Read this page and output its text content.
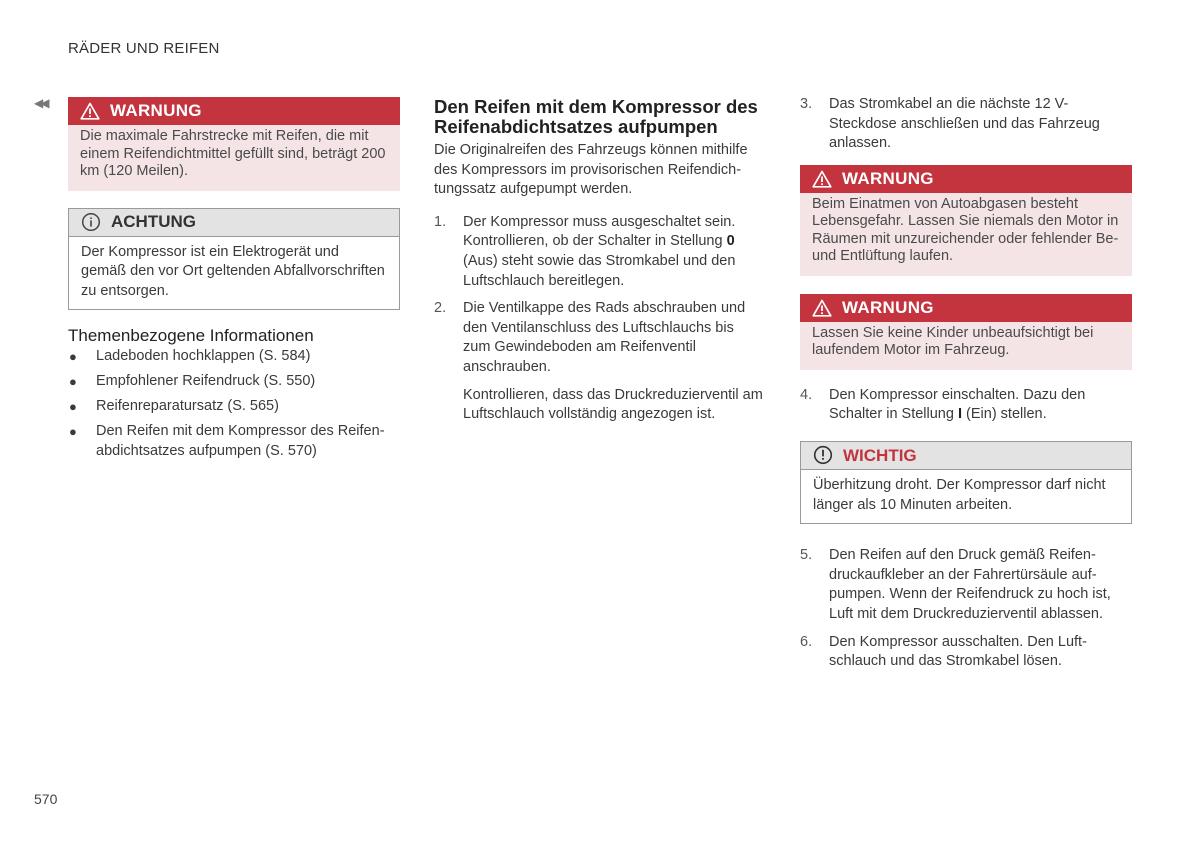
RÄDER UND REIFEN
◀◀
570
WARNUNG
Die maximale Fahrstrecke mit Reifen, die mit einem Reifendichtmittel gefüllt sind, beträgt 200 km (120 Meilen).
ACHTUNG
Der Kompressor ist ein Elektrogerät und gemäß den vor Ort geltenden Abfallvorschriften zu entsorgen.
Themenbezogene Informationen
● Ladeboden hochklappen (S. 584)
● Empfohlener Reifendruck (S. 550)
● Reifenreparatursatz (S. 565)
● Den Reifen mit dem Kompressor des Reifenabdichtsatzes aufpumpen (S. 570)
Den Reifen mit dem Kompressor des Reifenabdichtsatzes aufpumpen
Die Originalreifen des Fahrzeugs können mithilfe des Kompressors im provisorischen Reifendichtungssatz aufgepumpt werden.
1. Der Kompressor muss ausgeschaltet sein. Kontrollieren, ob der Schalter in Stellung 0 (Aus) steht sowie das Stromkabel und den Luftschlauch bereitlegen.

2. Die Ventilkappe des Rads abschrauben und den Ventilanschluss des Luftschlauchs bis zum Gewindeboden am Reifenventil anschrauben.

Kontrollieren, dass das Druckreduzierventil am Luftschlauch vollständig angezogen ist.

3. Das Stromkabel an die nächste 12 V-Steckdose anschließen und das Fahrzeug anlassen.

WARNUNG
Beim Einatmen von Autoabgasen besteht Lebensgefahr. Lassen Sie niemals den Motor in Räumen mit unzureichender oder fehlender Be- und Entlüftung laufen.
WARNUNG
Lassen Sie keine Kinder unbeaufsichtigt bei laufendem Motor im Fahrzeug.
4. Den Kompressor einschalten. Dazu den Schalter in Stellung I (Ein) stellen.

WICHTIG
Überhitzung droht. Der Kompressor darf nicht länger als 10 Minuten arbeiten.
5. Den Reifen auf den Druck gemäß Reifendruckaufkleber an der Fahrertürsäule aufpumpen. Wenn der Reifendruck zu hoch ist, Luft mit dem Druckreduzierventil ablassen.

6. Den Kompressor ausschalten. Den Luftschlauch und das Stromkabel lösen.
